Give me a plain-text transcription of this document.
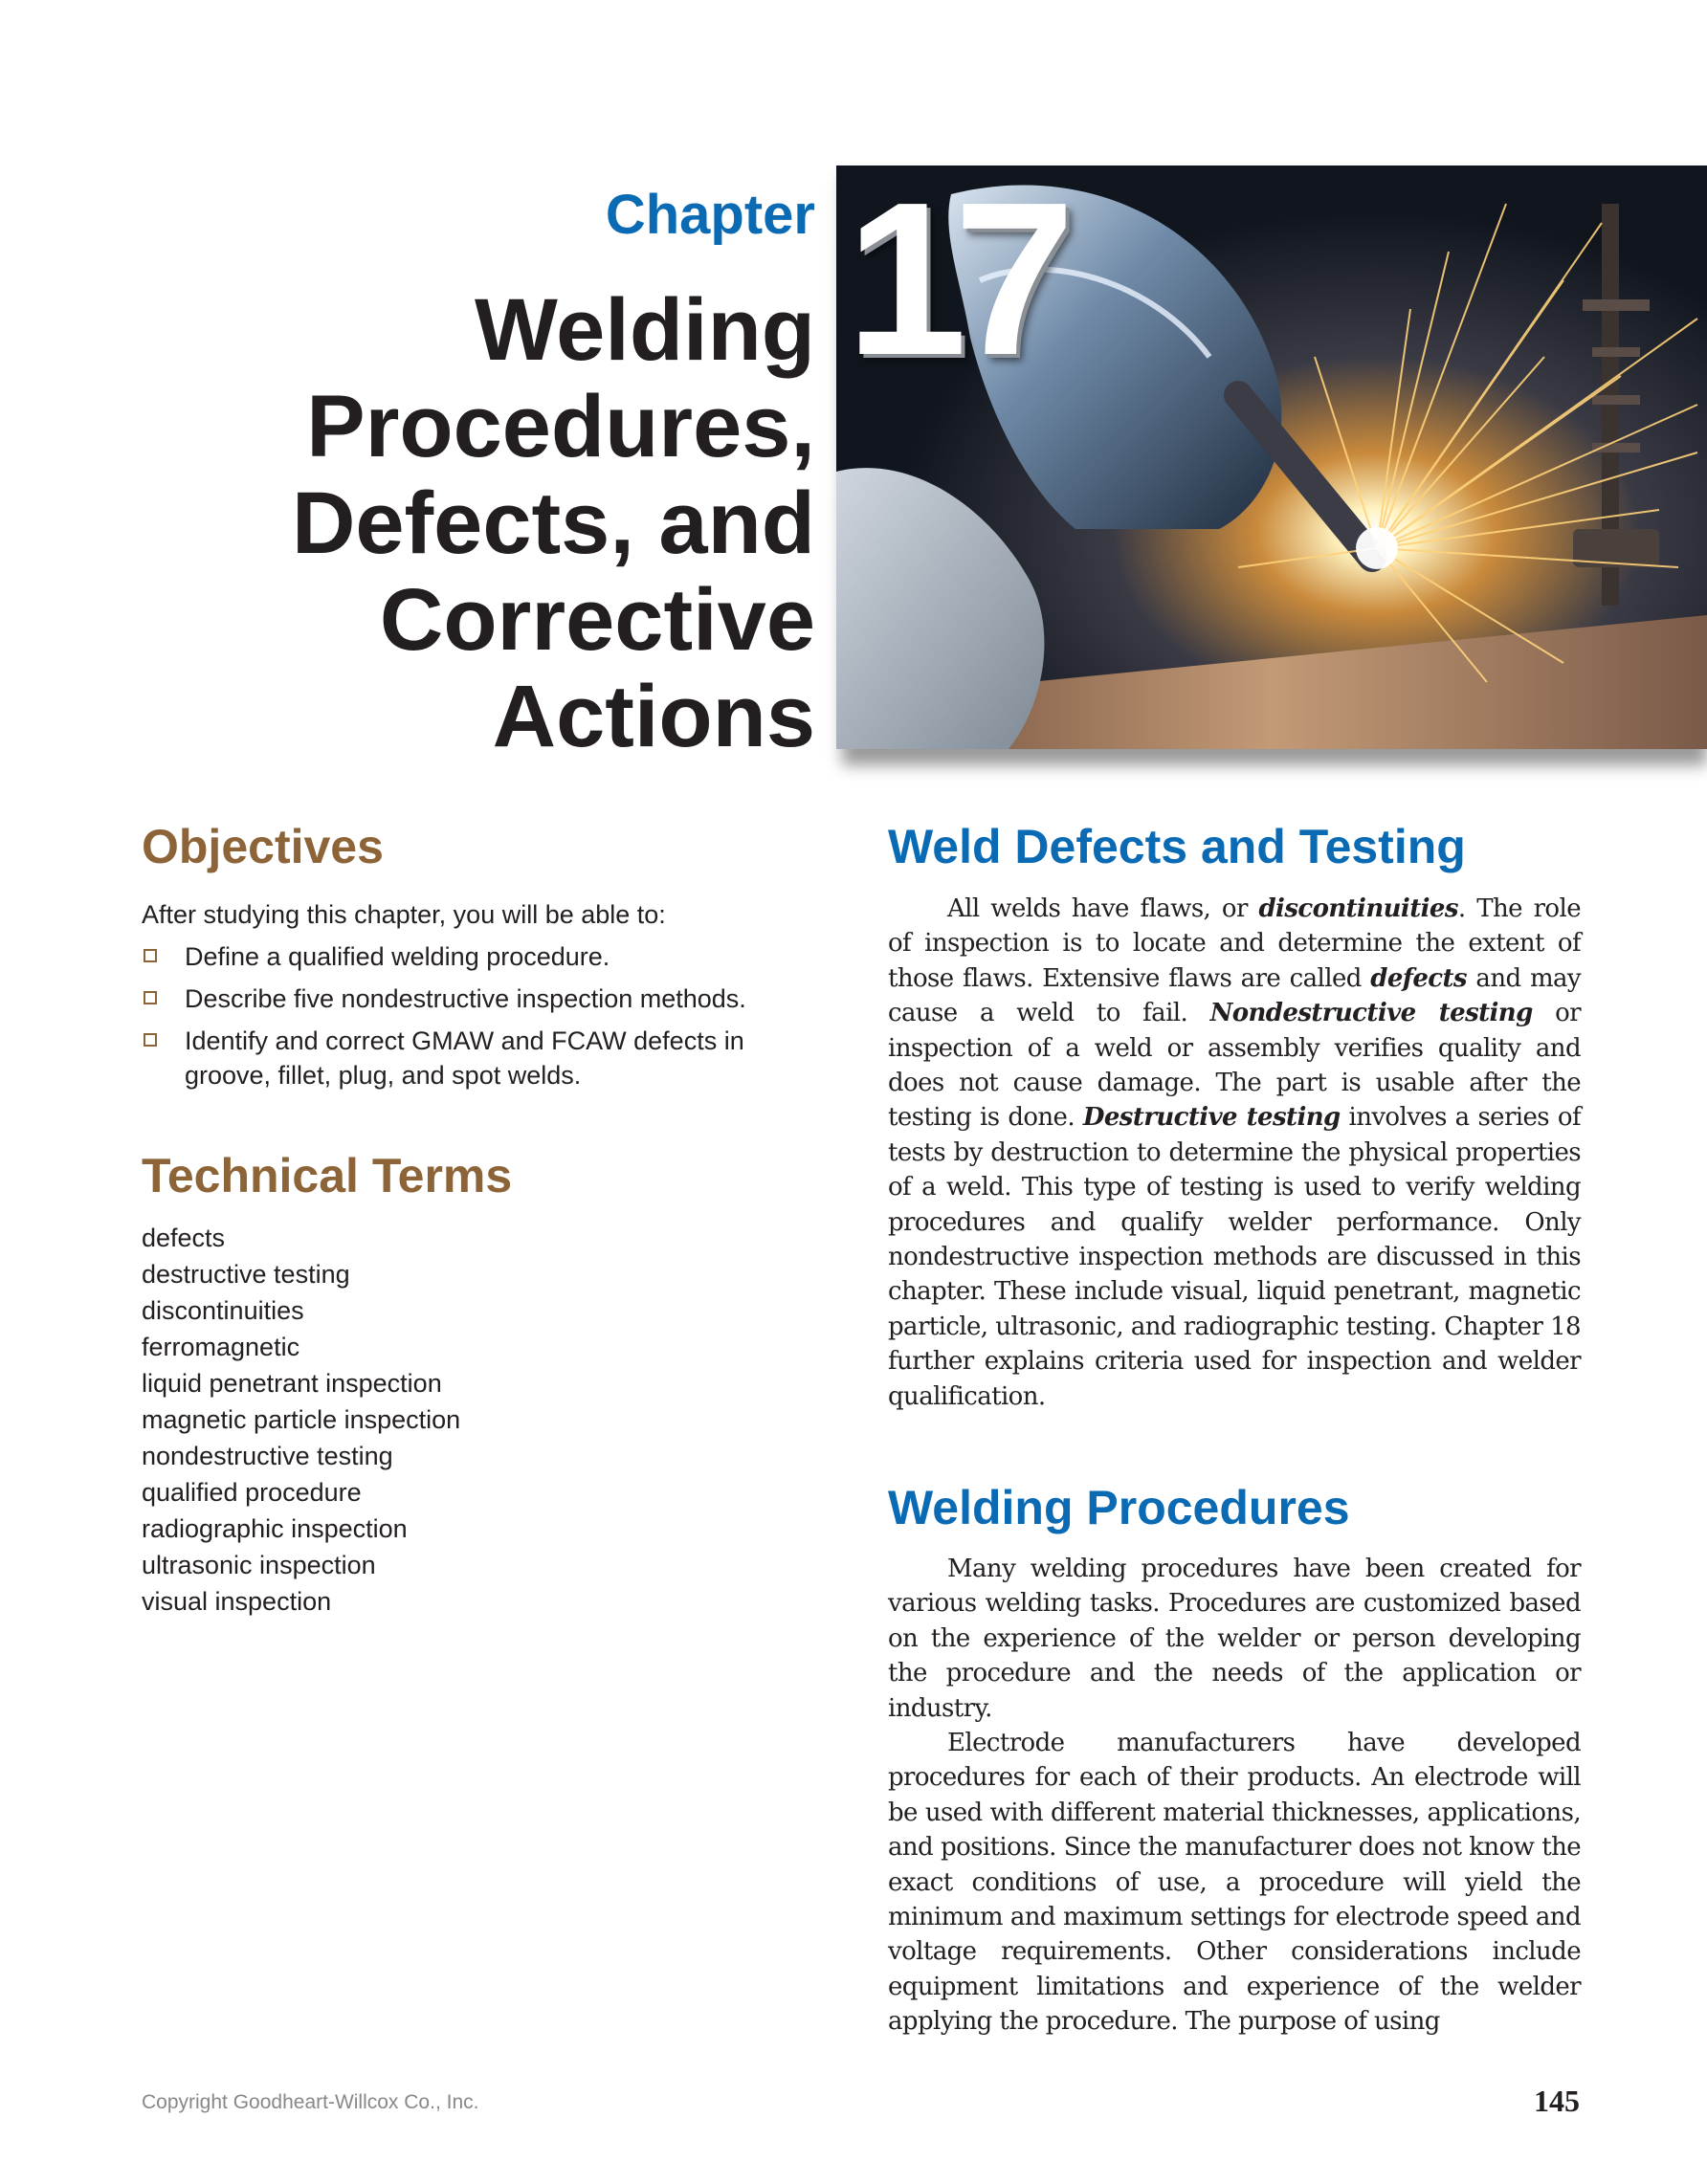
Chapter
Welding
Procedures,
Defects, and
Corrective
Actions
17
Objectives
After studying this chapter, you will be able to:
Define a qualified welding procedure.
Describe five nondestructive inspection methods.
Identify and correct GMAW and FCAW defects in groove, fillet, plug, and spot welds.
Technical Terms
defects
destructive testing
discontinuities
ferromagnetic
liquid penetrant inspection
magnetic particle inspection
nondestructive testing
qualified procedure
radiographic inspection
ultrasonic inspection
visual inspection
Weld Defects and Testing

All welds have flaws, or discontinuities. The role of inspection is to locate and determine the extent of those flaws. Extensive flaws are called defects and may cause a weld to fail. Nondestructive testing or inspection of a weld or assembly verifies quality and does not cause damage. The part is usable after the testing is done. Destructive testing involves a series of tests by destruction to determine the physical properties of a weld. This type of testing is used to verify welding procedures and qualify welder performance. Only nondestructive inspection methods are discussed in this chapter. These include visual, liquid penetrant, magnetic particle, ultrasonic, and radiographic testing. Chapter 18 further explains criteria used for inspection and welder qualification.

Welding Procedures

Many welding procedures have been created for various welding tasks. Procedures are customized based on the experience of the welder or person developing the procedure and the needs of the application or industry.

Electrode manufacturers have developed procedures for each of their products. An electrode will be used with different material thicknesses, applications, and positions. Since the manufacturer does not know the exact conditions of use, a procedure will yield the minimum and maximum settings for electrode speed and voltage requirements. Other considerations include equipment limitations and experience of the welder applying the procedure. The purpose of using

Copyright Goodheart-Willcox Co., Inc.	145
